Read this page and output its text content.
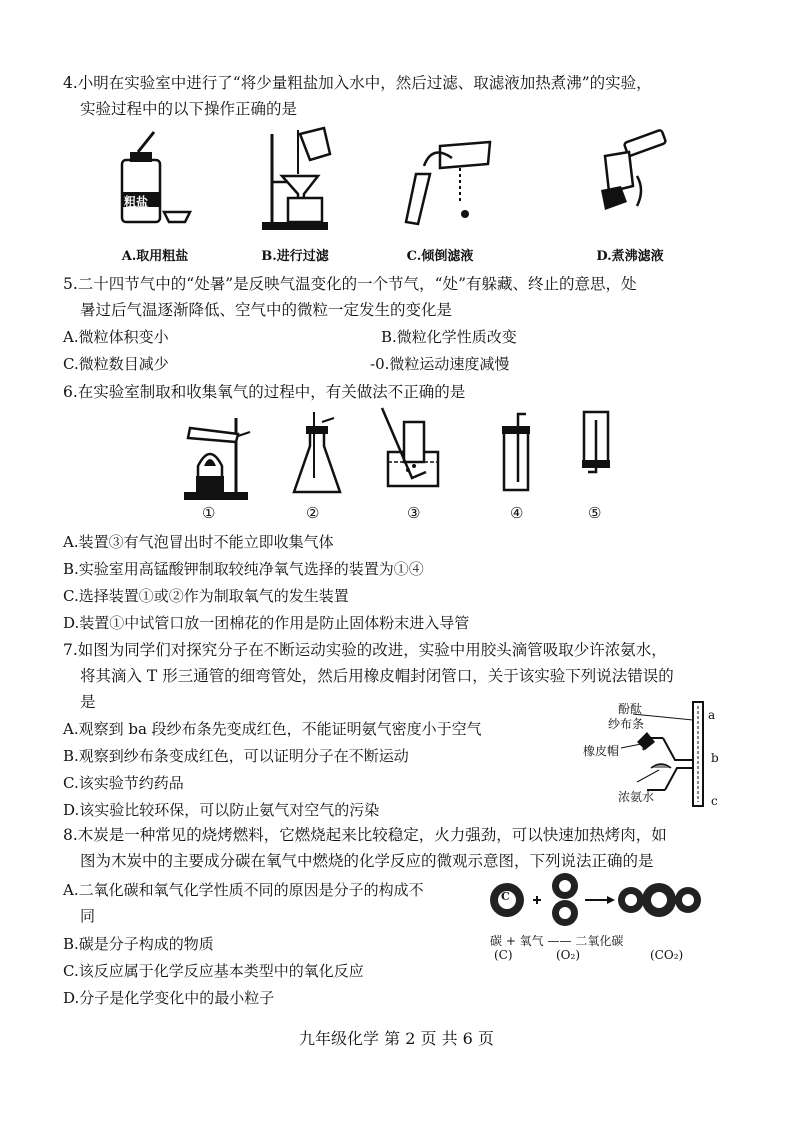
4.小明在实验室中进行了“将少量粗盐加入水中，然后过滤、取滤液加热煮沸”的实验，
实验过程中的以下操作正确的是
粗盐
A.取用粗盐	B.进行过滤	C.倾倒滤液	D.煮沸滤液
5.二十四节气中的“处暑”是反映气温变化的一个节气，“处”有躲藏、终止的意思，处
暑过后气温逐渐降低、空气中的微粒一定发生的变化是
A.微粒体积变小	B.微粒化学性质改变
C.微粒数目减少	-0.微粒运动速度减慢
6.在实验室制取和收集氧气的过程中，有关做法不正确的是
①	②	③	④	⑤
A.装置③有气泡冒出时不能立即收集气体
B.实验室用高锰酸钾制取较纯净氧气选择的装置为①④
C.选择装置①或②作为制取氧气的发生装置
D.装置①中试管口放一团棉花的作用是防止固体粉末进入导管
7.如图为同学们对探究分子在不断运动实验的改进，实验中用胶头滴管吸取少许浓氨水，
将其滴入 T 形三通管的细弯管处，然后用橡皮帽封闭管口，关于该实验下列说法错误的
是
A.观察到 ba 段纱布条先变成红色，不能证明氨气密度小于空气
B.观察到纱布条变成红色，可以证明分子在不断运动
C.该实验节约药品
D.该实验比较环保，可以防止氨气对空气的污染
酚酞
纱布条
橡皮帽
浓氨水
a
b
c
8.木炭是一种常见的烧烤燃料，它燃烧起来比较稳定，火力强劲，可以快速加热烤肉，如
图为木炭中的主要成分碳在氧气中燃烧的化学反应的微观示意图，下列说法正确的是
A.二氧化碳和氧气化学性质不同的原因是分子的构成不
同
B.碳是分子构成的物质
C.该反应属于化学反应基本类型中的氧化反应
D.分子是化学变化中的最小粒子
C
碳 + 氧气 —— 二氧化碳
(C)	(O₂)	(CO₂)
九年级化学 第 2 页 共 6 页
